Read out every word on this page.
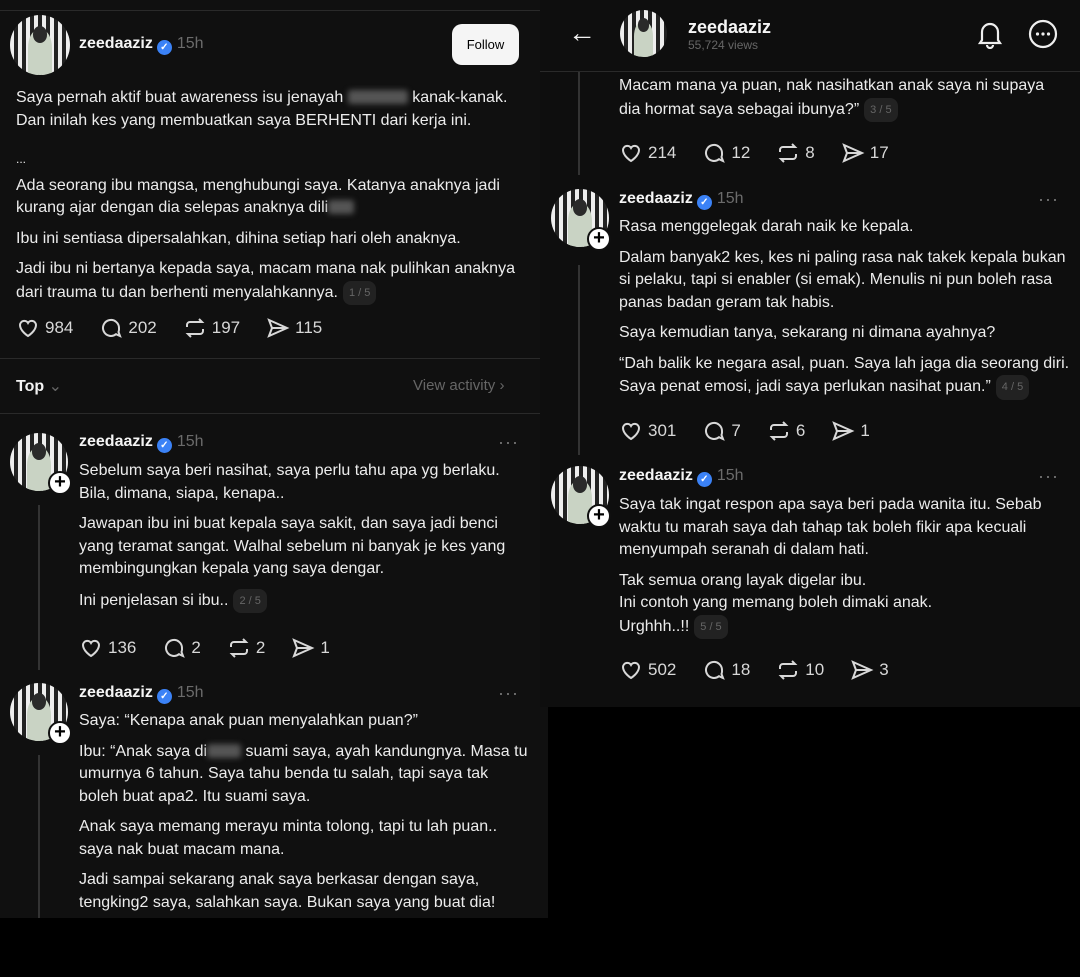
zeedaaziz ✓ 15h	Follow

Saya pernah aktif buat awareness isu jenayah	kanak-kanak.

Dan inilah kes yang membuatkan saya BERHENTI dari kerja ini.

...

Ada seorang ibu mangsa, menghubungi saya. Katanya anaknya jadi kurang ajar dengan dia selepas anaknya dili

Ibu ini sentiasa dipersalahkan, dihina setiap hari oleh anaknya.

Jadi ibu ni bertanya kepada saya, macam mana nak pulihkan anaknya dari trauma tu dan berhenti menyalahkannya. 1 / 5

984	202	197	115
Top ⌄	View activity ›
+
zeedaaziz ✓ 15h	···

Sebelum saya beri nasihat, saya perlu tahu apa yg berlaku. Bila, dimana, siapa, kenapa..

Jawapan ibu ini buat kepala saya sakit, dan saya jadi benci yang teramat sangat. Walhal sebelum ni banyak je kes yang membingungkan kepala yang saya dengar.

Ini penjelasan si ibu.. 2 / 5

136	2	2	1
+
zeedaaziz ✓ 15h	···

Saya: “Kenapa anak puan menyalahkan puan?”

Ibu: “Anak saya di suami saya, ayah kandungnya. Masa tu umurnya 6 tahun. Saya tahu benda tu salah, tapi saya tak boleh buat apa2. Itu suami saya.

Anak saya memang merayu minta tolong, tapi tu lah puan.. saya nak buat macam mana.

Jadi sampai sekarang anak saya berkasar dengan saya, tengking2 saya, salahkan saya. Bukan saya yang buat dia!

←	zeedaaziz
55,724 views

Macam mana ya puan, nak nasihatkan anak saya ni supaya dia hormat saya sebagai ibunya?” 3 / 5

214	12	8	17
+
zeedaaziz ✓ 15h	···

Rasa menggelegak darah naik ke kepala.

Dalam banyak2 kes, kes ni paling rasa nak takek kepala bukan si pelaku, tapi si enabler (si emak). Menulis ni pun boleh rasa panas badan geram tak habis.

Saya kemudian tanya, sekarang ni dimana ayahnya?

“Dah balik ke negara asal, puan. Saya lah jaga dia seorang diri. Saya penat emosi, jadi saya perlukan nasihat puan.” 4 / 5

301	7	6	1
+
zeedaaziz ✓ 15h	···

Saya tak ingat respon apa saya beri pada wanita itu. Sebab waktu tu marah saya dah tahap tak boleh fikir apa kecuali menyumpah seranah di dalam hati.

Tak semua orang layak digelar ibu.
Ini contoh yang memang boleh dimaki anak.
Urghhh..!! 5 / 5
502	18	10	3
